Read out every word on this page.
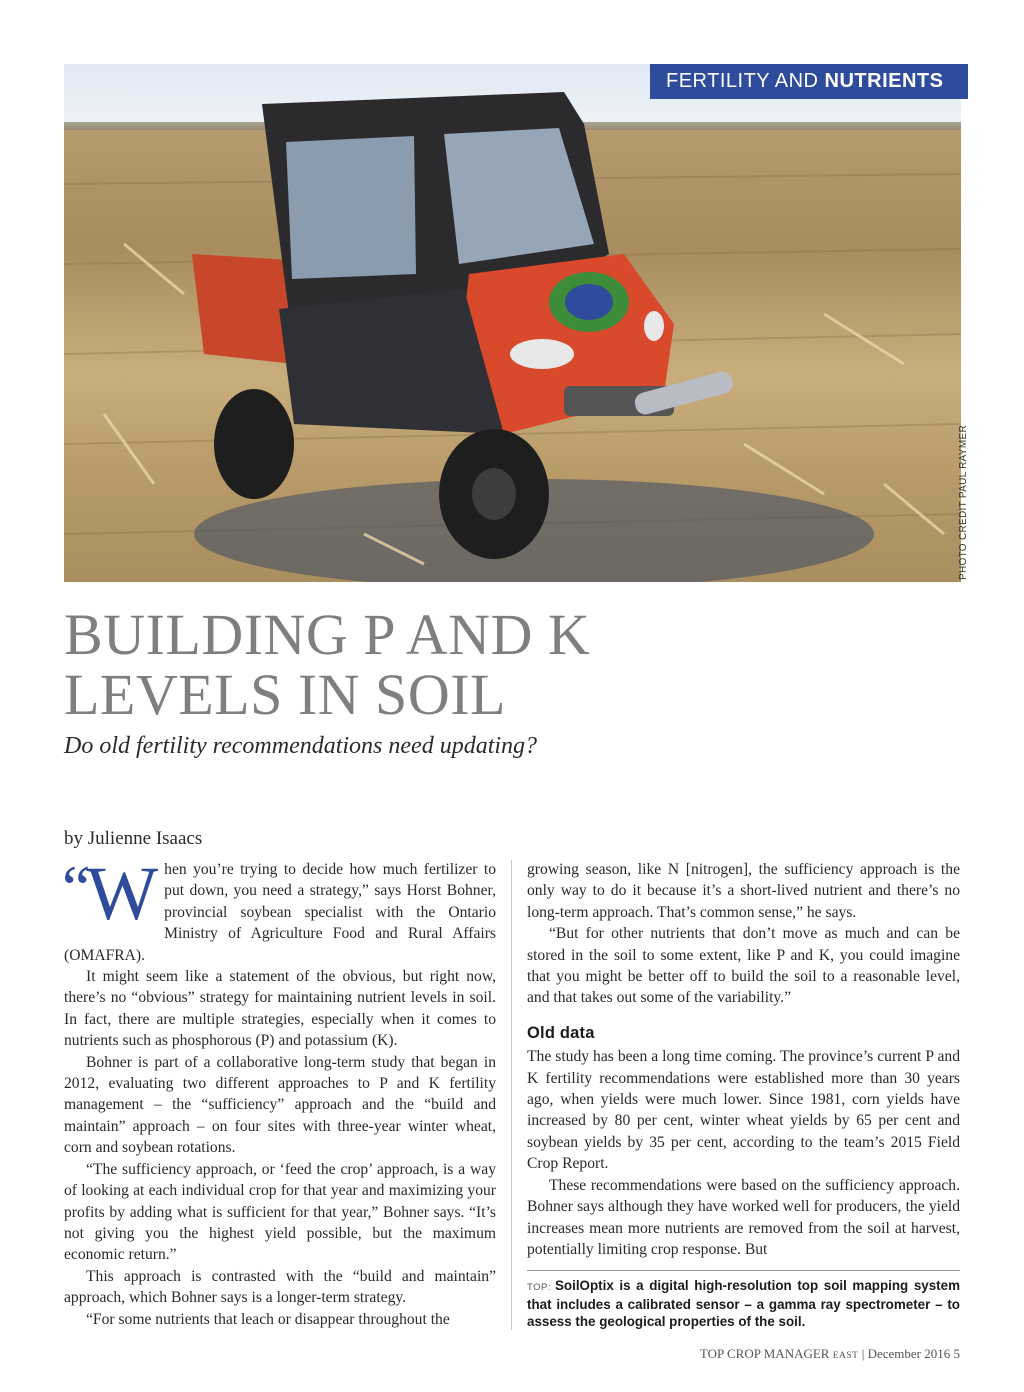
FERTILITY AND NUTRIENTS
PHOTO CREDIT PAUL RAYMER
BUILDING P AND K
LEVELS IN SOIL
Do old fertility recommendations need updating?
by Julienne Isaacs
“W hen you’re trying to decide how much fertilizer to put down, you need a strategy,” says Horst Bohner, provincial soybean specialist with the Ontario Ministry of Agriculture Food and Rural Affairs (OMAFRA).

It might seem like a statement of the obvious, but right now, there’s no “obvious” strategy for maintaining nutrient levels in soil. In fact, there are multiple strategies, especially when it comes to nutrients such as phosphorous (P) and potassium (K).

Bohner is part of a collaborative long-term study that began in 2012, evaluating two different approaches to P and K fertility management – the “sufficiency” approach and the “build and maintain” approach – on four sites with three-year winter wheat, corn and soybean rotations.

“The sufficiency approach, or ‘feed the crop’ approach, is a way of looking at each individual crop for that year and maximizing your profits by adding what is sufficient for that year,” Bohner says. “It’s not giving you the highest yield possible, but the maximum economic return.”

This approach is contrasted with the “build and maintain” approach, which Bohner says is a longer-term strategy.

“For some nutrients that leach or disappear throughout the

growing season, like N [nitrogen], the sufficiency approach is the only way to do it because it’s a short-lived nutrient and there’s no long-term approach. That’s common sense,” he says.

“But for other nutrients that don’t move as much and can be stored in the soil to some extent, like P and K, you could imagine that you might be better off to build the soil to a reasonable level, and that takes out some of the variability.”

Old data

The study has been a long time coming. The province’s current P and K fertility recommendations were established more than 30 years ago, when yields were much lower. Since 1981, corn yields have increased by 80 per cent, winter wheat yields by 65 per cent and soybean yields by 35 per cent, according to the team’s 2015 Field Crop Report.

These recommendations were based on the sufficiency approach. Bohner says although they have worked well for producers, the yield increases mean more nutrients are removed from the soil at harvest, potentially limiting crop response. But

TOP: SoilOptix is a digital high-resolution top soil mapping system that includes a calibrated sensor – a gamma ray spectrometer – to assess the geological properties of the soil.
TOP CROP MANAGER EAST | December 2016 5
